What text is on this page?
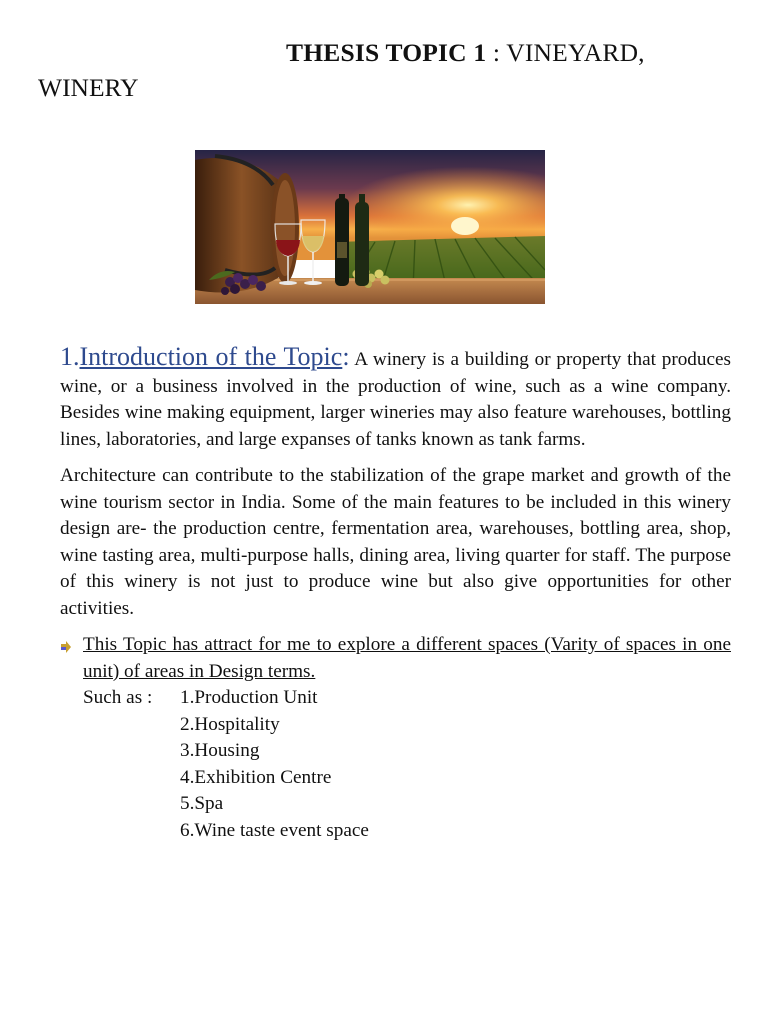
THESIS TOPIC 1 : VINEYARD,
WINERY

1.Introduction of the Topic: A winery is a building or property that produces wine, or a business involved in the production of wine, such as a wine company. Besides wine making equipment, larger wineries may also feature warehouses, bottling lines, laboratories, and large expanses of tanks known as tank farms.

Architecture can contribute to the stabilization of the grape market and growth of the wine tourism sector in India. Some of the main features to be included in this winery design are- the production centre, fermentation area, warehouses, bottling area, shop, wine tasting area, multi-purpose halls, dining area, living quarter for staff. The purpose of this winery is not just to produce wine but also give opportunities for other activities.

This Topic has attract for me to explore a different spaces (Varity of spaces in one unit) of areas in Design terms.
Such as : 1.Production Unit
2.Hospitality
3.Housing
4.Exhibition Centre
5.Spa
6.Wine taste event space
